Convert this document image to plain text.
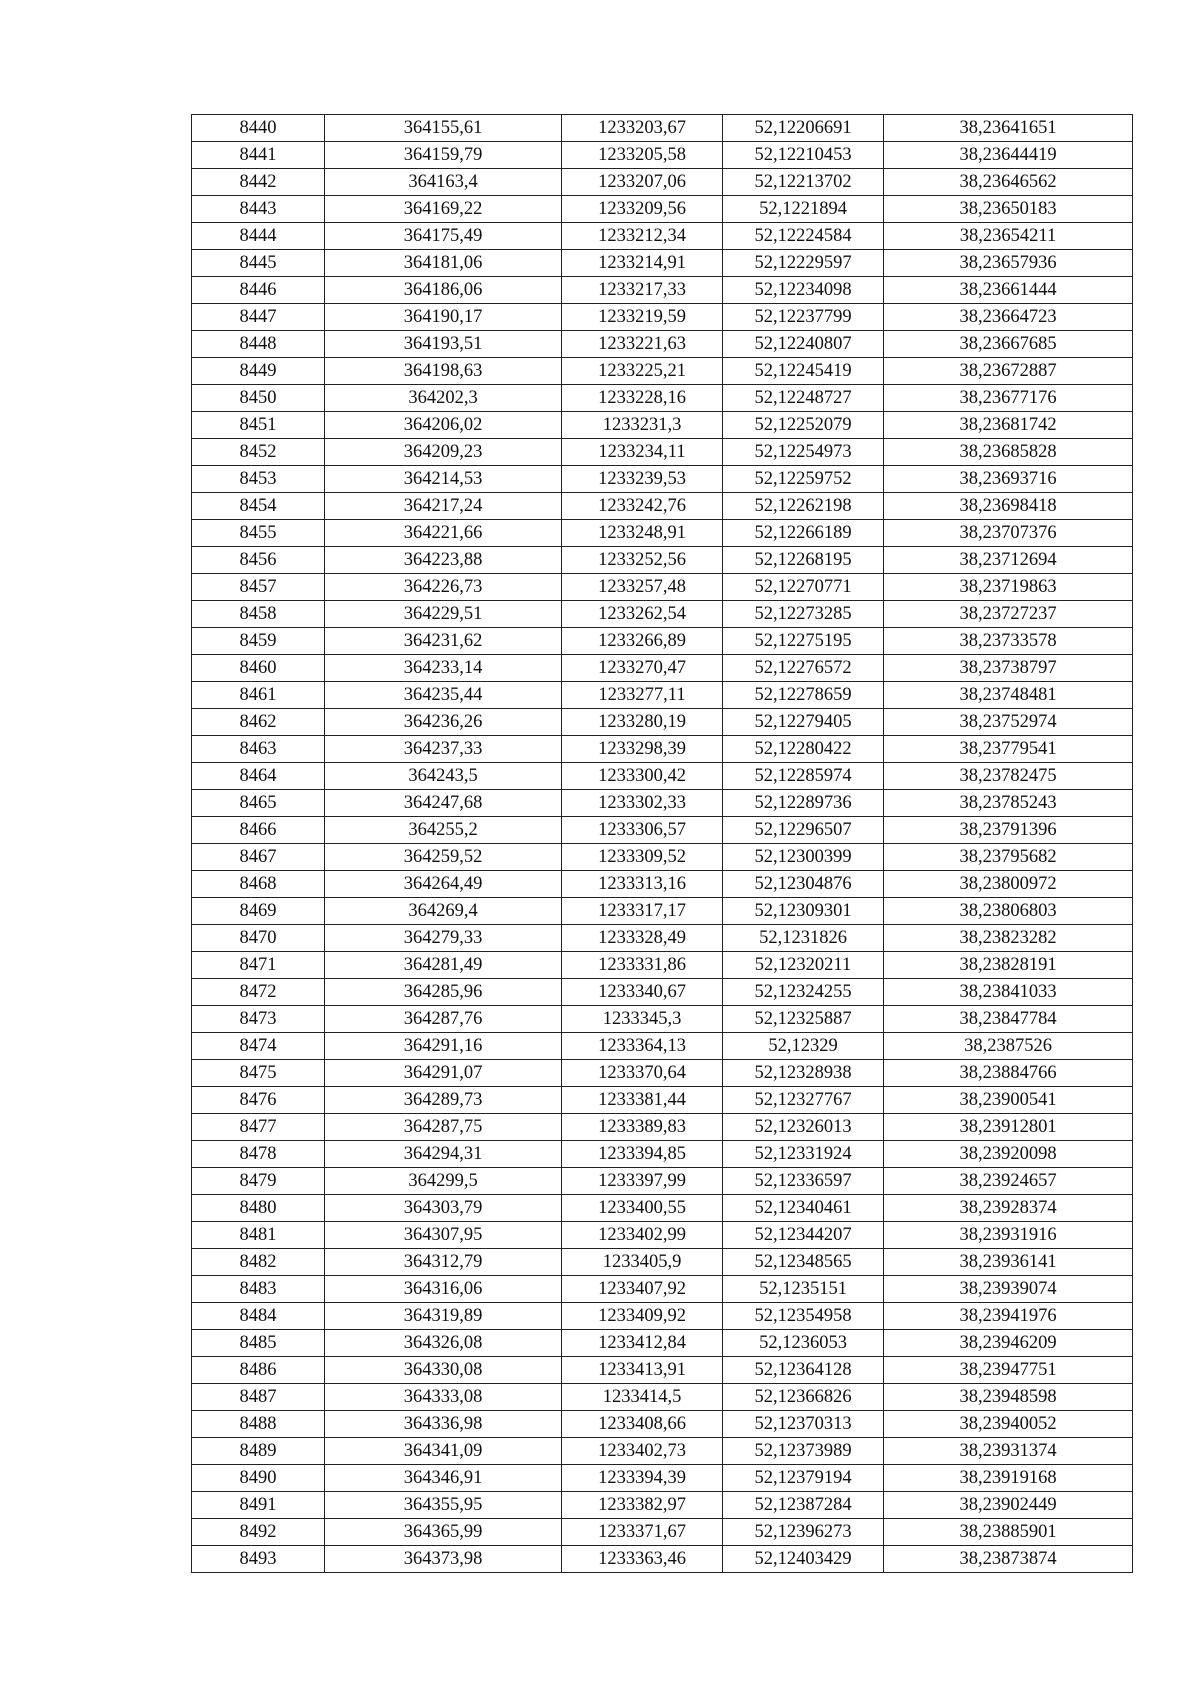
8440	364155,61	1233203,67	52,12206691	38,23641651
8441	364159,79	1233205,58	52,12210453	38,23644419
8442	364163,4	1233207,06	52,12213702	38,23646562
8443	364169,22	1233209,56	52,1221894	38,23650183
8444	364175,49	1233212,34	52,12224584	38,23654211
8445	364181,06	1233214,91	52,12229597	38,23657936
8446	364186,06	1233217,33	52,12234098	38,23661444
8447	364190,17	1233219,59	52,12237799	38,23664723
8448	364193,51	1233221,63	52,12240807	38,23667685
8449	364198,63	1233225,21	52,12245419	38,23672887
8450	364202,3	1233228,16	52,12248727	38,23677176
8451	364206,02	1233231,3	52,12252079	38,23681742
8452	364209,23	1233234,11	52,12254973	38,23685828
8453	364214,53	1233239,53	52,12259752	38,23693716
8454	364217,24	1233242,76	52,12262198	38,23698418
8455	364221,66	1233248,91	52,12266189	38,23707376
8456	364223,88	1233252,56	52,12268195	38,23712694
8457	364226,73	1233257,48	52,12270771	38,23719863
8458	364229,51	1233262,54	52,12273285	38,23727237
8459	364231,62	1233266,89	52,12275195	38,23733578
8460	364233,14	1233270,47	52,12276572	38,23738797
8461	364235,44	1233277,11	52,12278659	38,23748481
8462	364236,26	1233280,19	52,12279405	38,23752974
8463	364237,33	1233298,39	52,12280422	38,23779541
8464	364243,5	1233300,42	52,12285974	38,23782475
8465	364247,68	1233302,33	52,12289736	38,23785243
8466	364255,2	1233306,57	52,12296507	38,23791396
8467	364259,52	1233309,52	52,12300399	38,23795682
8468	364264,49	1233313,16	52,12304876	38,23800972
8469	364269,4	1233317,17	52,12309301	38,23806803
8470	364279,33	1233328,49	52,1231826	38,23823282
8471	364281,49	1233331,86	52,12320211	38,23828191
8472	364285,96	1233340,67	52,12324255	38,23841033
8473	364287,76	1233345,3	52,12325887	38,23847784
8474	364291,16	1233364,13	52,12329	38,2387526
8475	364291,07	1233370,64	52,12328938	38,23884766
8476	364289,73	1233381,44	52,12327767	38,23900541
8477	364287,75	1233389,83	52,12326013	38,23912801
8478	364294,31	1233394,85	52,12331924	38,23920098
8479	364299,5	1233397,99	52,12336597	38,23924657
8480	364303,79	1233400,55	52,12340461	38,23928374
8481	364307,95	1233402,99	52,12344207	38,23931916
8482	364312,79	1233405,9	52,12348565	38,23936141
8483	364316,06	1233407,92	52,1235151	38,23939074
8484	364319,89	1233409,92	52,12354958	38,23941976
8485	364326,08	1233412,84	52,1236053	38,23946209
8486	364330,08	1233413,91	52,12364128	38,23947751
8487	364333,08	1233414,5	52,12366826	38,23948598
8488	364336,98	1233408,66	52,12370313	38,23940052
8489	364341,09	1233402,73	52,12373989	38,23931374
8490	364346,91	1233394,39	52,12379194	38,23919168
8491	364355,95	1233382,97	52,12387284	38,23902449
8492	364365,99	1233371,67	52,12396273	38,23885901
8493	364373,98	1233363,46	52,12403429	38,23873874
